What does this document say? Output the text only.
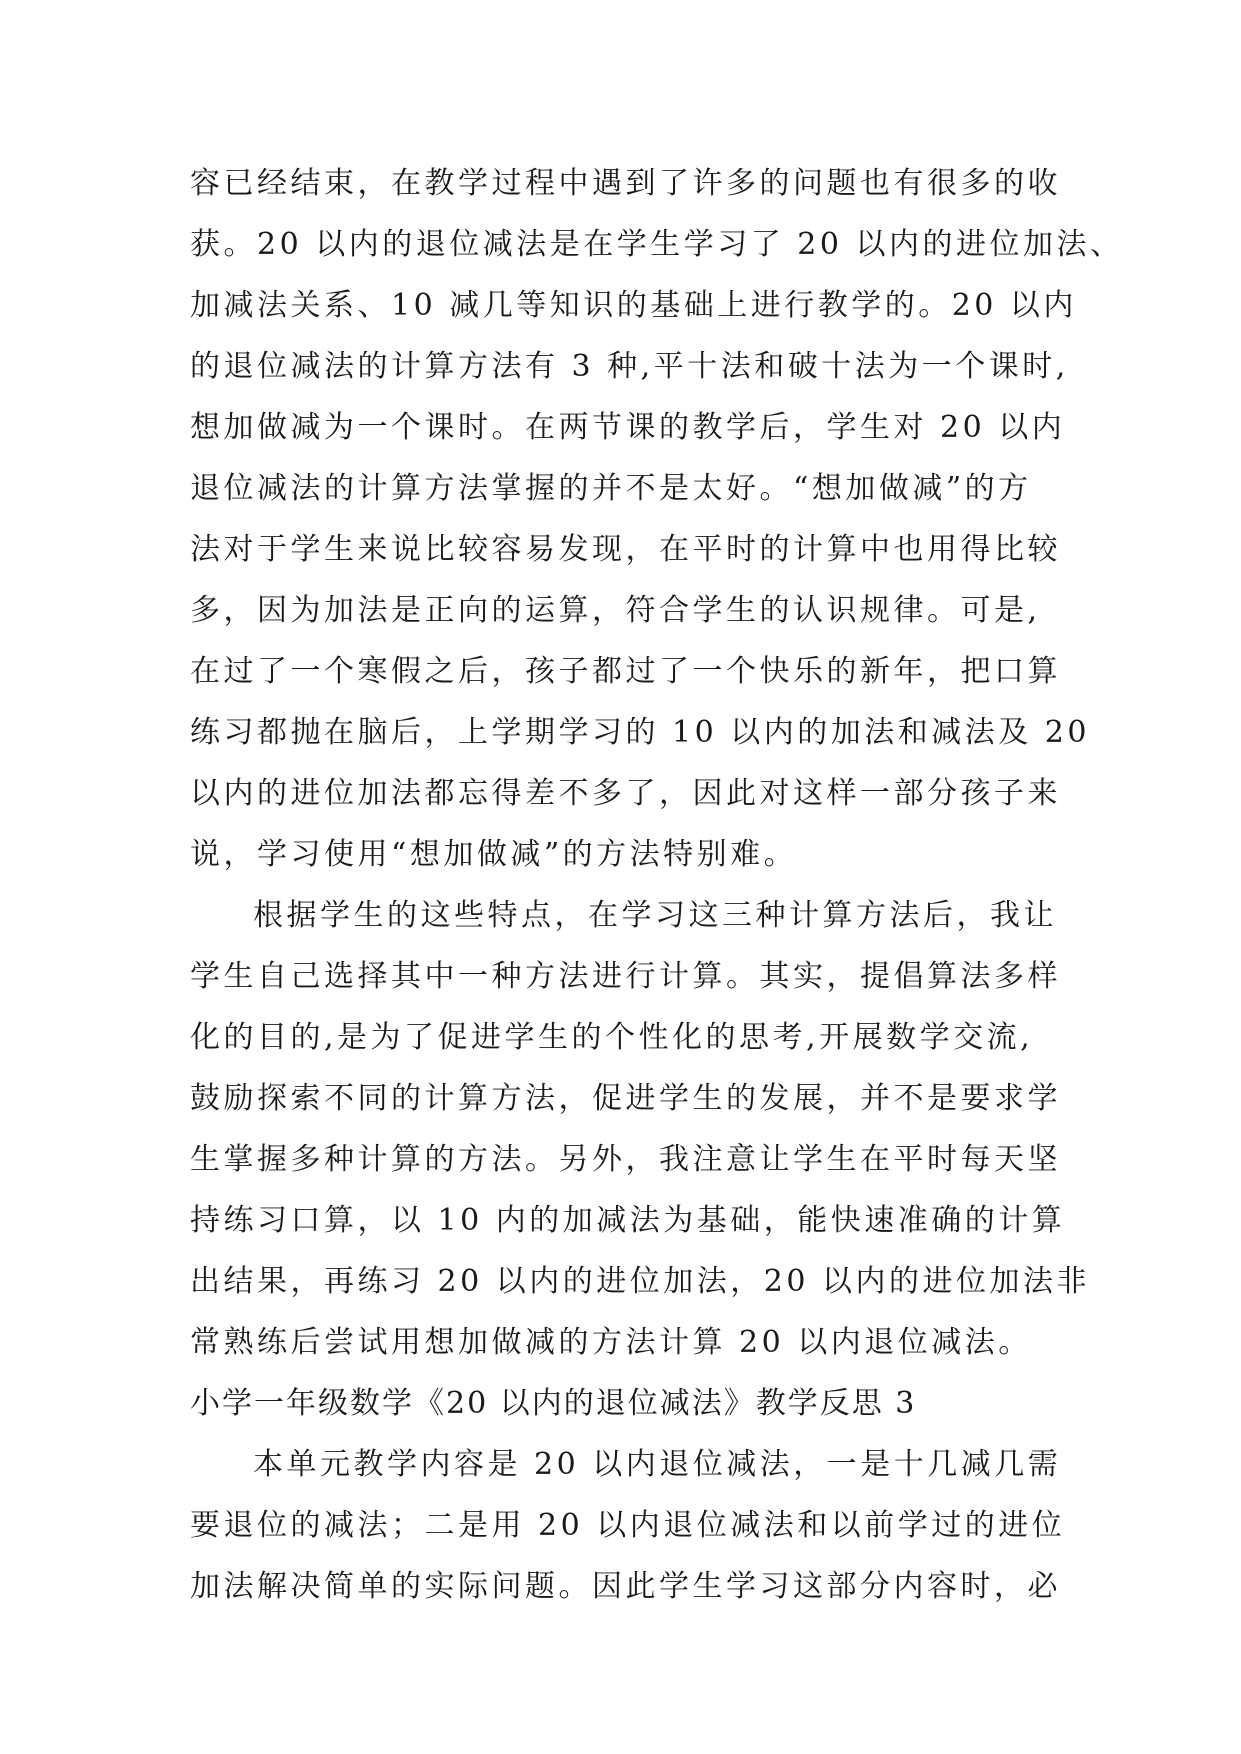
容已经结束，在教学过程中遇到了许多的问题也有很多的收
获。20 以内的退位减法是在学生学习了 20 以内的进位加法、
加减法关系、10 减几等知识的基础上进行教学的。20 以内
的退位减法的计算方法有 3 种,平十法和破十法为一个课时,
想加做减为一个课时。在两节课的教学后，学生对 20 以内
退位减法的计算方法掌握的并不是太好。“想加做减”的方
法对于学生来说比较容易发现，在平时的计算中也用得比较
多，因为加法是正向的运算，符合学生的认识规律。可是,
在过了一个寒假之后，孩子都过了一个快乐的新年，把口算
练习都抛在脑后，上学期学习的 10 以内的加法和减法及 20
以内的进位加法都忘得差不多了，因此对这样一部分孩子来
说，学习使用“想加做减”的方法特别难。
根据学生的这些特点，在学习这三种计算方法后，我让
学生自己选择其中一种方法进行计算。其实，提倡算法多样
化的目的,是为了促进学生的个性化的思考,开展数学交流,
鼓励探索不同的计算方法，促进学生的发展，并不是要求学
生掌握多种计算的方法。另外，我注意让学生在平时每天坚
持练习口算，以 10 内的加减法为基础，能快速准确的计算
出结果，再练习 20 以内的进位加法，20 以内的进位加法非
常熟练后尝试用想加做减的方法计算 20 以内退位减法。
小学一年级数学《20 以内的退位减法》教学反思 3
本单元教学内容是 20 以内退位减法，一是十几减几需
要退位的减法；二是用 20 以内退位减法和以前学过的进位
加法解决简单的实际问题。因此学生学习这部分内容时，必
